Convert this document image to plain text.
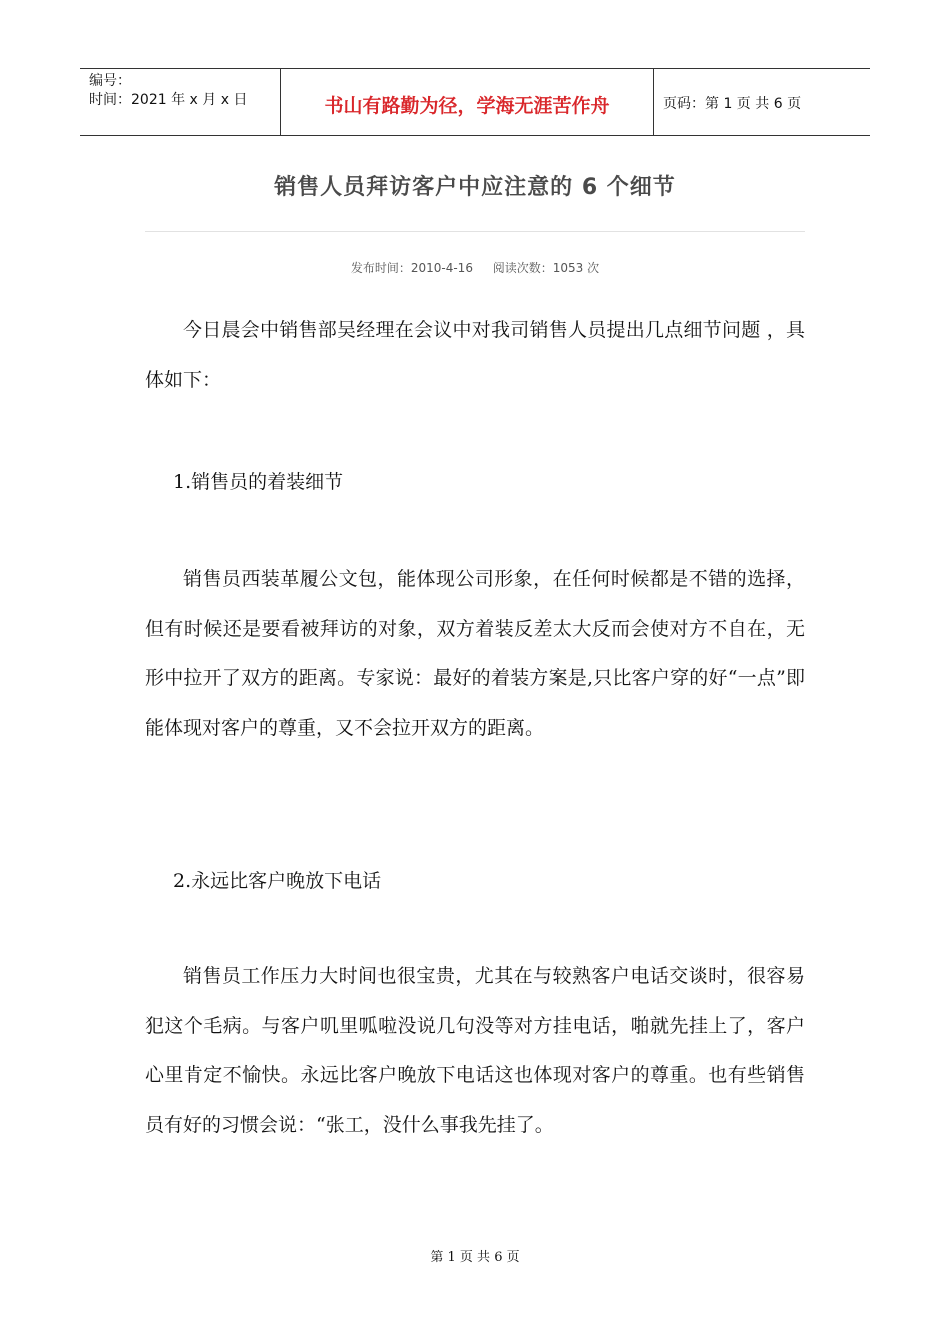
编号：
时间：2021 年 x 月 x 日	书山有路勤为径，学海无涯苦作舟	页码：第 1 页 共 6 页
销售人员拜访客户中应注意的 6 个细节
发布时间：2010-4-16 阅读次数：1053 次
今日晨会中销售部吴经理在会议中对我司销售人员提出几点细节问题 ，具体如下：
1.销售员的着装细节
销售员西装革履公文包，能体现公司形象，在任何时候都是不错的选择，但有时候还是要看被拜访的对象，双方着装反差太大反而会使对方不自在，无形中拉开了双方的距离。专家说：最好的着装方案是,只比客户穿的好“一点”即能体现对客户的尊重，又不会拉开双方的距离。
2.永远比客户晚放下电话
销售员工作压力大时间也很宝贵，尤其在与较熟客户电话交谈时，很容易犯这个毛病。与客户叽里呱啦没说几句没等对方挂电话，啪就先挂上了，客户心里肯定不愉快。永远比客户晚放下电话这也体现对客户的尊重。也有些销售员有好的习惯会说：“张工，没什么事我先挂了。
第 1 页 共 6 页
